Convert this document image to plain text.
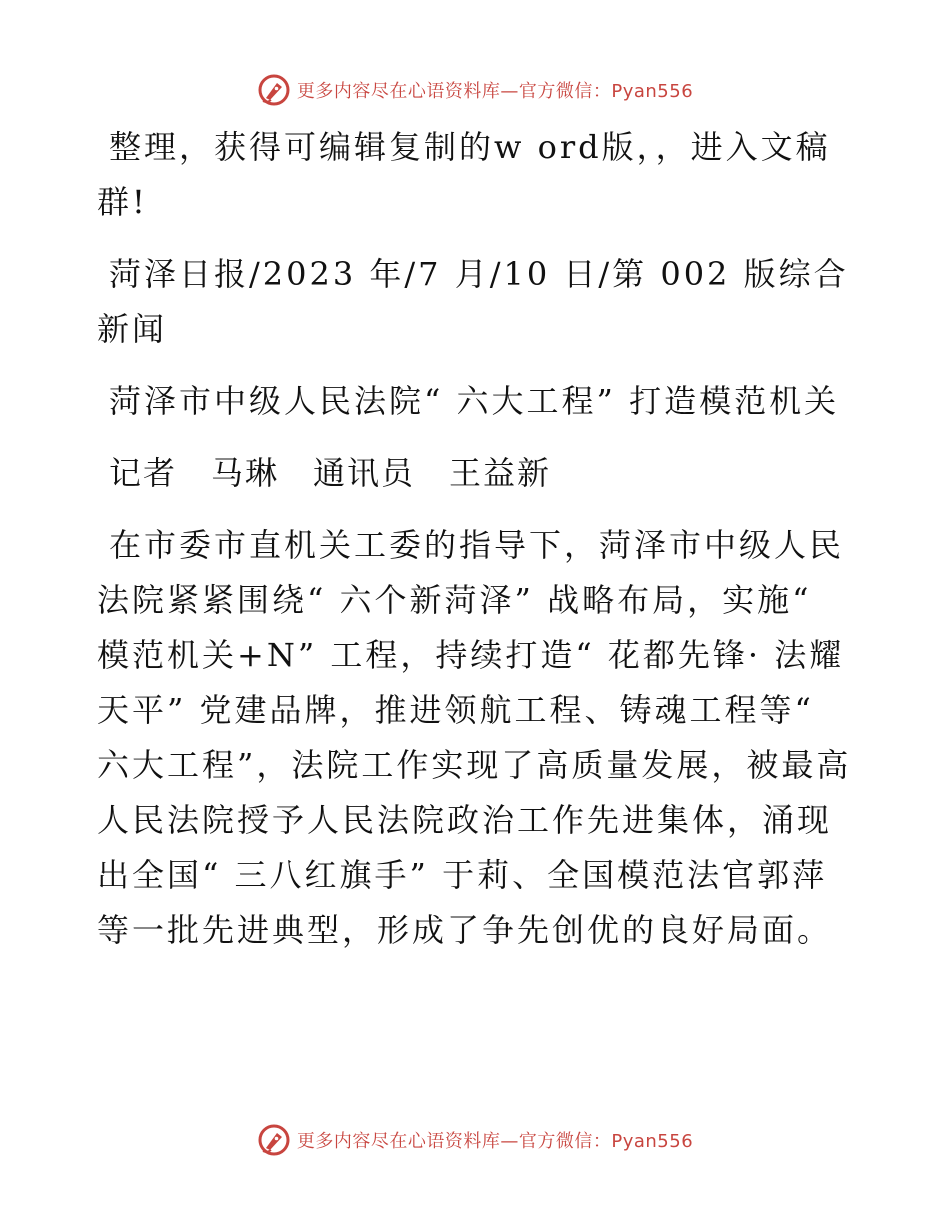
更多内容尽在心语资料库—官方微信：Pyan556

整理，获得可编辑复制的w ord版，，进入文稿群!

菏泽日报/2023 年/7 月/10 日/第 002 版综合新闻

菏泽市中级人民法院“ 六大工程” 打造模范机关

记者　马琳　通讯员　王益新

在市委市直机关工委的指导下，菏泽市中级人民法院紧紧围绕“ 六个新菏泽” 战略布局，实施“ 模范机关+N” 工程，持续打造“ 花都先锋· 法耀天平” 党建品牌，推进领航工程、铸魂工程等“ 六大工程”，法院工作实现了高质量发展，被最高人民法院授予人民法院政治工作先进集体，涌现出全国“ 三八红旗手” 于莉、全国模范法官郭萍等一批先进典型，形成了争先创优的良好局面。

更多内容尽在心语资料库—官方微信：Pyan556
